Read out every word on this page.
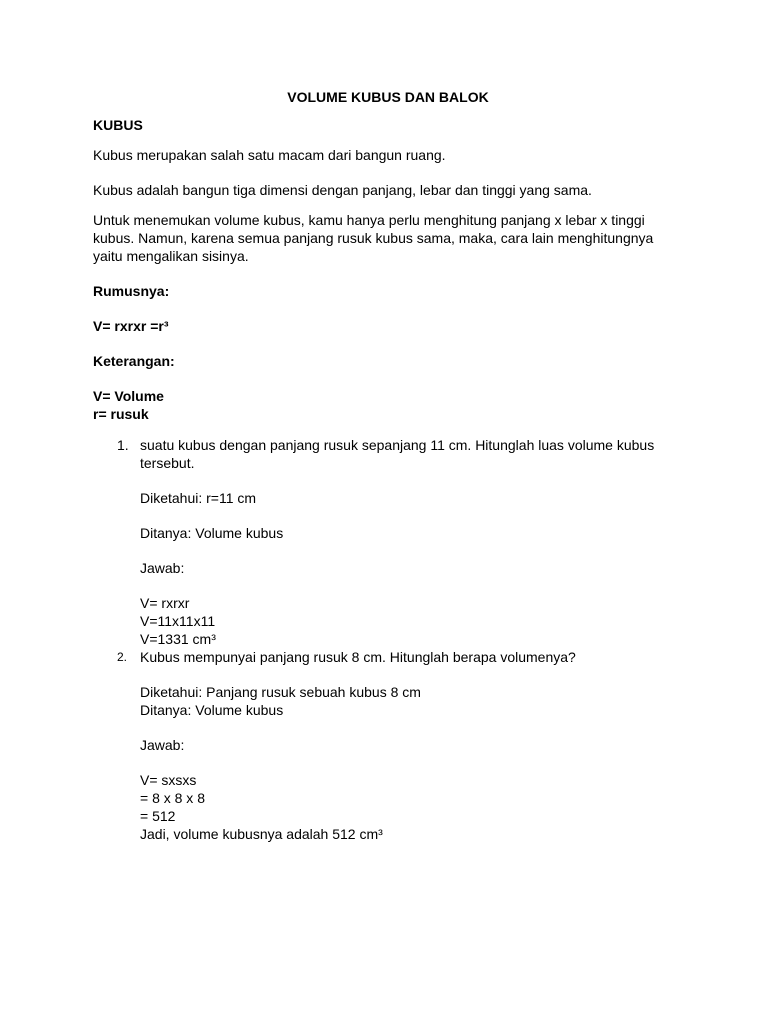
VOLUME KUBUS DAN BALOK

KUBUS

Kubus merupakan salah satu macam dari bangun ruang.

Kubus adalah bangun tiga dimensi dengan panjang, lebar dan tinggi yang sama.

Untuk menemukan volume kubus, kamu hanya perlu menghitung panjang x lebar x tinggi kubus. Namun, karena semua panjang rusuk kubus sama, maka, cara lain menghitungnya yaitu mengalikan sisinya.

Rumusnya:

V= rxrxr =r³

Keterangan:

V= Volume

r= rusuk

1. suatu kubus dengan panjang rusuk sepanjang 11 cm. Hitunglah luas volume kubus tersebut.

Diketahui: r=11 cm

Ditanya: Volume kubus

Jawab:

V= rxrxr

V=11x11x11

V=1331 cm³

2. Kubus mempunyai panjang rusuk 8 cm. Hitunglah berapa volumenya?

Diketahui: Panjang rusuk sebuah kubus 8 cm

Ditanya: Volume kubus

Jawab:

V= sxsxs

= 8 x 8 x 8

= 512

Jadi, volume kubusnya adalah 512 cm³
